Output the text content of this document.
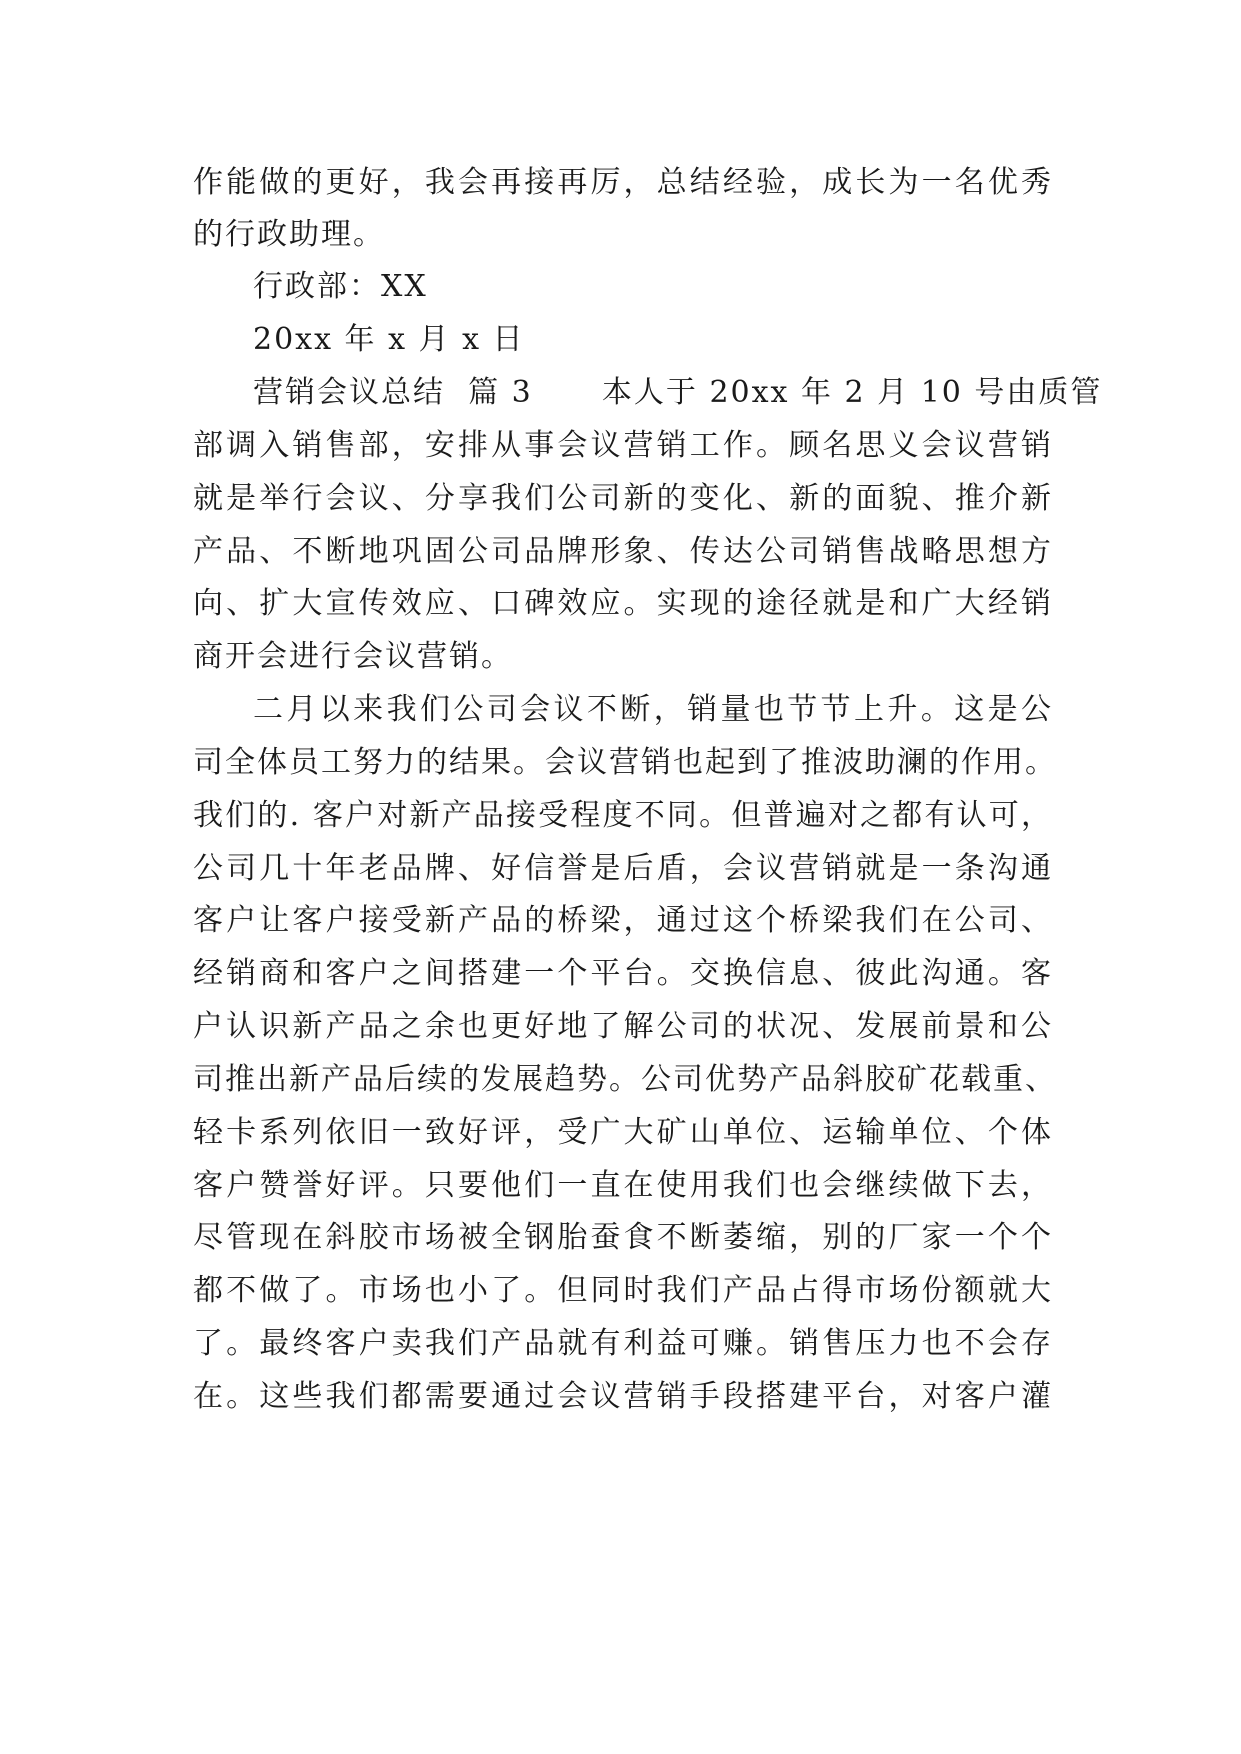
作能做的更好，我会再接再厉，总结经验，成长为一名优秀
的行政助理。
行政部：XX
20xx 年 x 月 x 日
营销会议总结  篇 3      本人于 20xx 年 2 月 10 号由质管
部调入销售部，安排从事会议营销工作。顾名思义会议营销
就是举行会议、分享我们公司新的变化、新的面貌、推介新
产品、不断地巩固公司品牌形象、传达公司销售战略思想方
向、扩大宣传效应、口碑效应。实现的途径就是和广大经销
商开会进行会议营销。
二月以来我们公司会议不断，销量也节节上升。这是公
司全体员工努力的结果。会议营销也起到了推波助澜的作用。
我们的. 客户对新产品接受程度不同。但普遍对之都有认可，
公司几十年老品牌、好信誉是后盾，会议营销就是一条沟通
客户让客户接受新产品的桥梁，通过这个桥梁我们在公司、
经销商和客户之间搭建一个平台。交换信息、彼此沟通。客
户认识新产品之余也更好地了解公司的状况、发展前景和公
司推出新产品后续的发展趋势。公司优势产品斜胶矿花载重、
轻卡系列依旧一致好评，受广大矿山单位、运输单位、个体
客户赞誉好评。只要他们一直在使用我们也会继续做下去，
尽管现在斜胶市场被全钢胎蚕食不断萎缩，别的厂家一个个
都不做了。市场也小了。但同时我们产品占得市场份额就大
了。最终客户卖我们产品就有利益可赚。销售压力也不会存
在。这些我们都需要通过会议营销手段搭建平台，对客户灌
